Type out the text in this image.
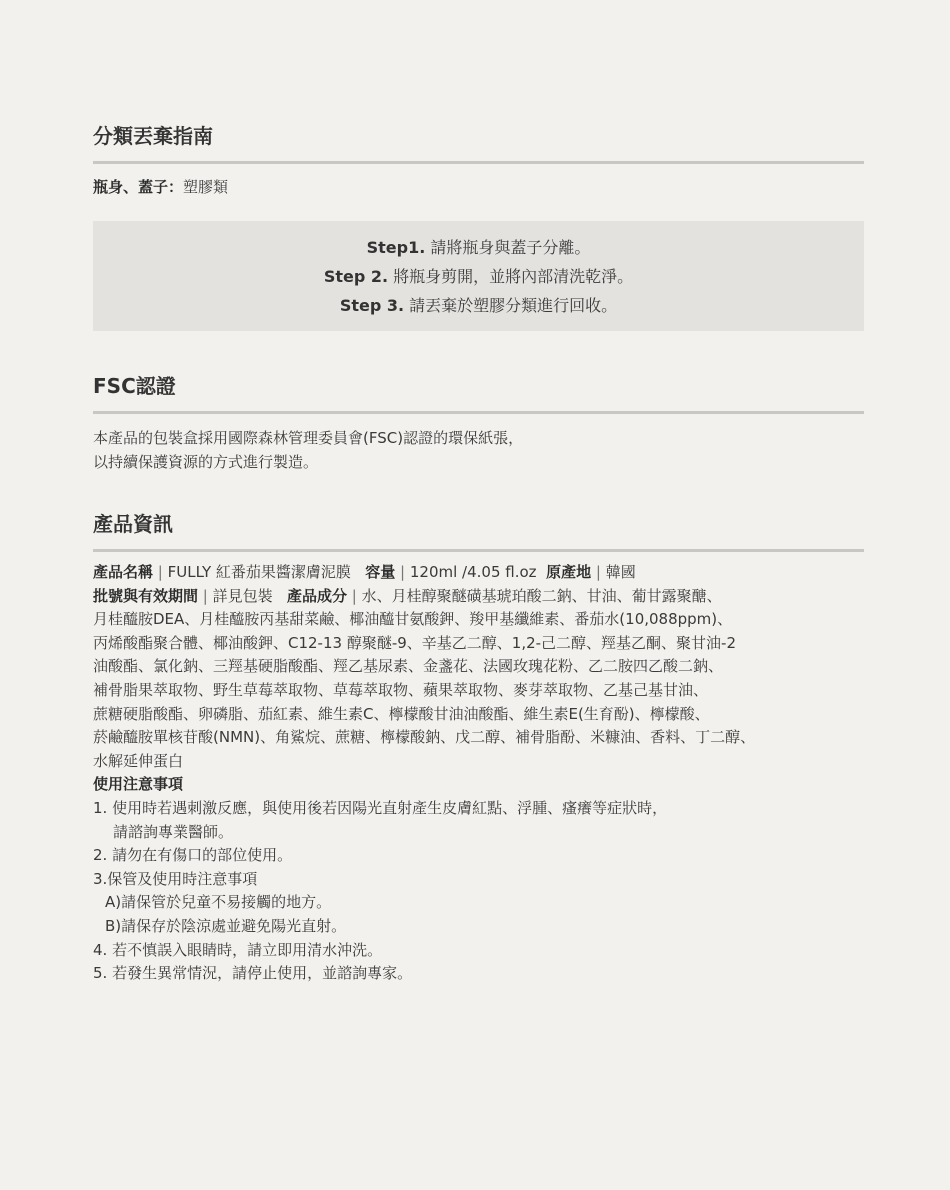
分類丟棄指南
瓶身、蓋子：塑膠類
Step1. 請將瓶身與蓋子分離。
Step 2. 將瓶身剪開，並將內部清洗乾淨。
Step 3. 請丟棄於塑膠分類進行回收。
FSC認證
本產品的包裝盒採用國際森林管理委員會(FSC)認證的環保紙張，
以持續保護資源的方式進行製造。
產品資訊
產品名稱 | FULLY 紅番茄果醬潔膚泥膜 容量 | 120ml /4.05 fl.oz 原產地 | 韓國
批號與有效期間 | 詳見包裝 產品成分 | 水、月桂醇聚醚磺基琥珀酸二鈉、甘油、葡甘露聚醣、
月桂醯胺DEA、月桂醯胺丙基甜菜鹼、椰油醯甘氨酸鉀、羧甲基纖維素、番茄水(10,088ppm)、
丙烯酸酯聚合體、椰油酸鉀、C12-13 醇聚醚-9、辛基乙二醇、1,2-己二醇、羥基乙酮、聚甘油-2
油酸酯、氯化鈉、三羥基硬脂酸酯、羥乙基尿素、金盞花、法國玫瑰花粉、乙二胺四乙酸二鈉、
補骨脂果萃取物、野生草莓萃取物、草莓萃取物、蘋果萃取物、麥芽萃取物、乙基己基甘油、
蔗糖硬脂酸酯、卵磷脂、茄紅素、維生素C、檸檬酸甘油油酸酯、維生素E(生育酚)、檸檬酸、
菸鹼醯胺單核苷酸(NMN)、角鯊烷、蔗糖、檸檬酸鈉、戊二醇、補骨脂酚、米糠油、香料、丁二醇、
水解延伸蛋白
使用注意事項
1. 使用時若遇刺激反應，與使用後若因陽光直射產生皮膚紅點、浮腫、瘙癢等症狀時，
請諮詢專業醫師。
2. 請勿在有傷口的部位使用。
3.保管及使用時注意事項
A)請保管於兒童不易接觸的地方。
B)請保存於陰涼處並避免陽光直射。
4. 若不慎誤入眼睛時，請立即用清水沖洗。
5. 若發生異常情況，請停止使用，並諮詢專家。
